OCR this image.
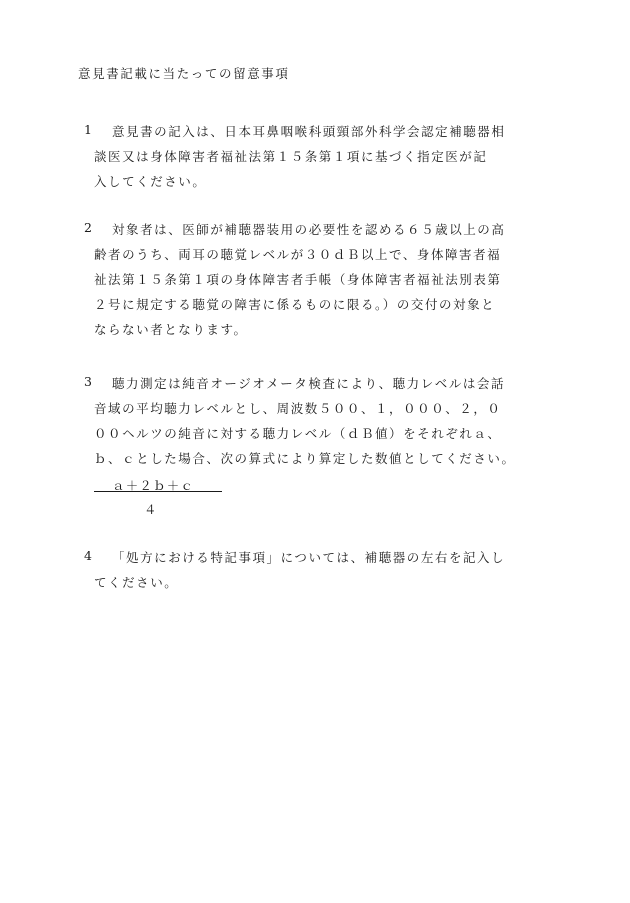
意見書記載に当たっての留意事項
1 意見書の記入は、日本耳鼻咽喉科頭頸部外科学会認定補聴器相
談医又は身体障害者福祉法第１５条第１項に基づく指定医が記
入してください。
2 対象者は、医師が補聴器装用の必要性を認める６５歳以上の高
齢者のうち、両耳の聴覚レベルが３０ｄＢ以上で、身体障害者福
祉法第１５条第１項の身体障害者手帳（身体障害者福祉法別表第
２号に規定する聴覚の障害に係るものに限る。）の交付の対象と
ならない者となります。
3 聴力測定は純音オージオメータ検査により、聴力レベルは会話
音域の平均聴力レベルとし、周波数５００、１，０００、２，０
００ヘルツの純音に対する聴力レベル（ｄＢ値）をそれぞれａ、
ｂ、ｃとした場合、次の算式により算定した数値としてください。
ａ＋２ｂ＋ｃ
４
4 「処方における特記事項」については、補聴器の左右を記入し
てください。
